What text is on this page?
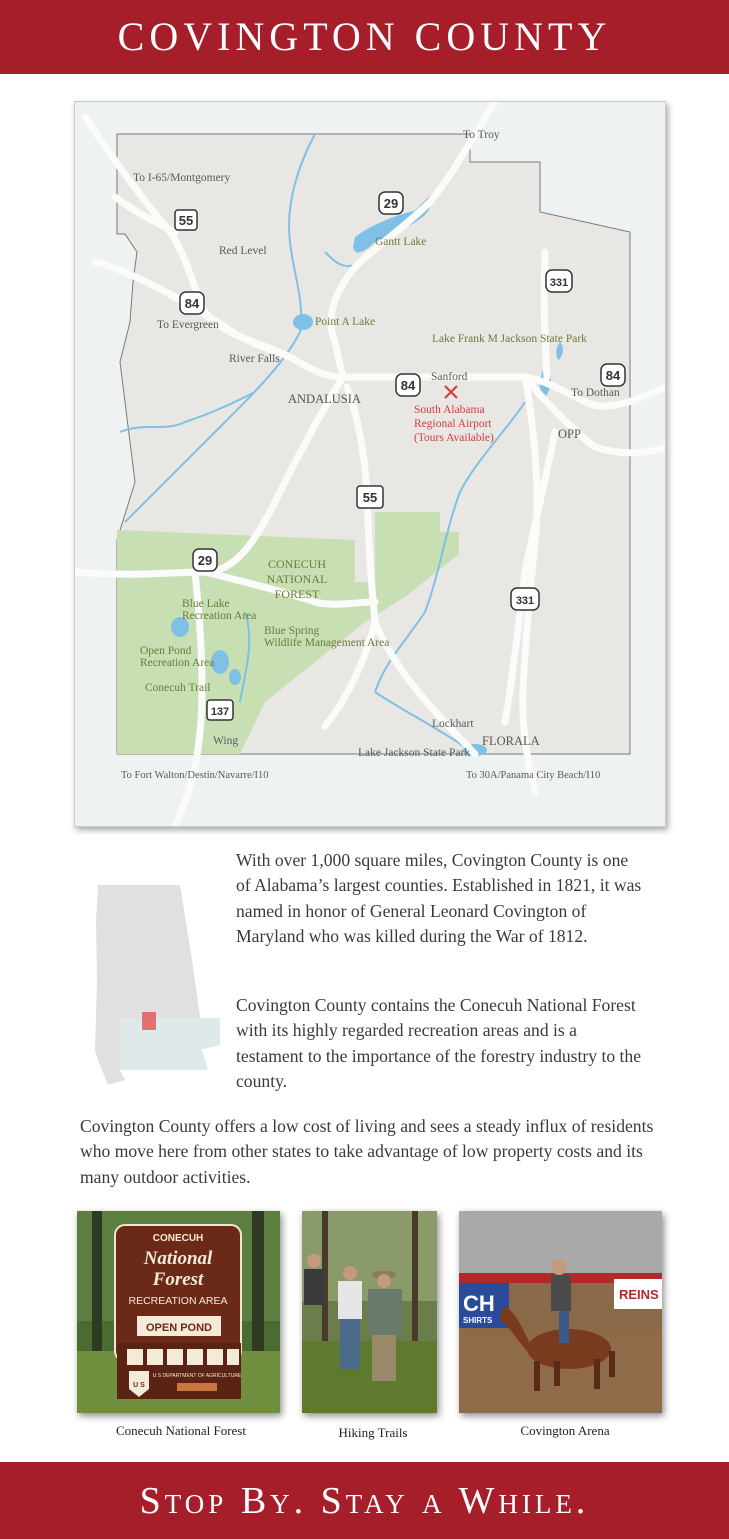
COVINGTON COUNTY
55
29
331
84
84
84
55
29
331
137
To Troy
To I-65/Montgomery
To Evergreen
To Dothan
To Fort Walton/Destin/Navarre/I10	To 30A/Panama City Beach/I10
Gantt Lake
Red Level
Point A Lake
River Falls
ANDALUSIA
Sanford
OPP
Lake Frank M Jackson State Park
South Alabama
Regional Airport
(Tours Available)
CONECUH
NATIONAL
FOREST
Blue Lake
Recreation Area
Blue Spring
Wildlife Management Area
Open Pond
Recreation Area
Conecuh Trail
Wing
Lockhart
FLORALA
Lake Jackson State Park

With over 1,000 square miles, Covington County is one of Alabama’s largest counties. Established in 1821, it was named in honor of General Leonard Covington of Maryland who was killed during the War of 1812.

Covington County contains the Conecuh National Forest with its highly regarded recreation areas and is a testament to the importance of the forestry industry to the county.

Covington County offers a low cost of living and sees a steady influx of residents who move here from other states to take advantage of low property costs and its many outdoor activities.

CONECUH
National
Forest
RECREATION AREA
OPEN POND
U S
U S DEPARTMENT OF AGRICULTURE
Conecuh National Forest	Hiking Trails
CH
SHIRTS
REINS
Covington Arena
Stop By. Stay a While.
